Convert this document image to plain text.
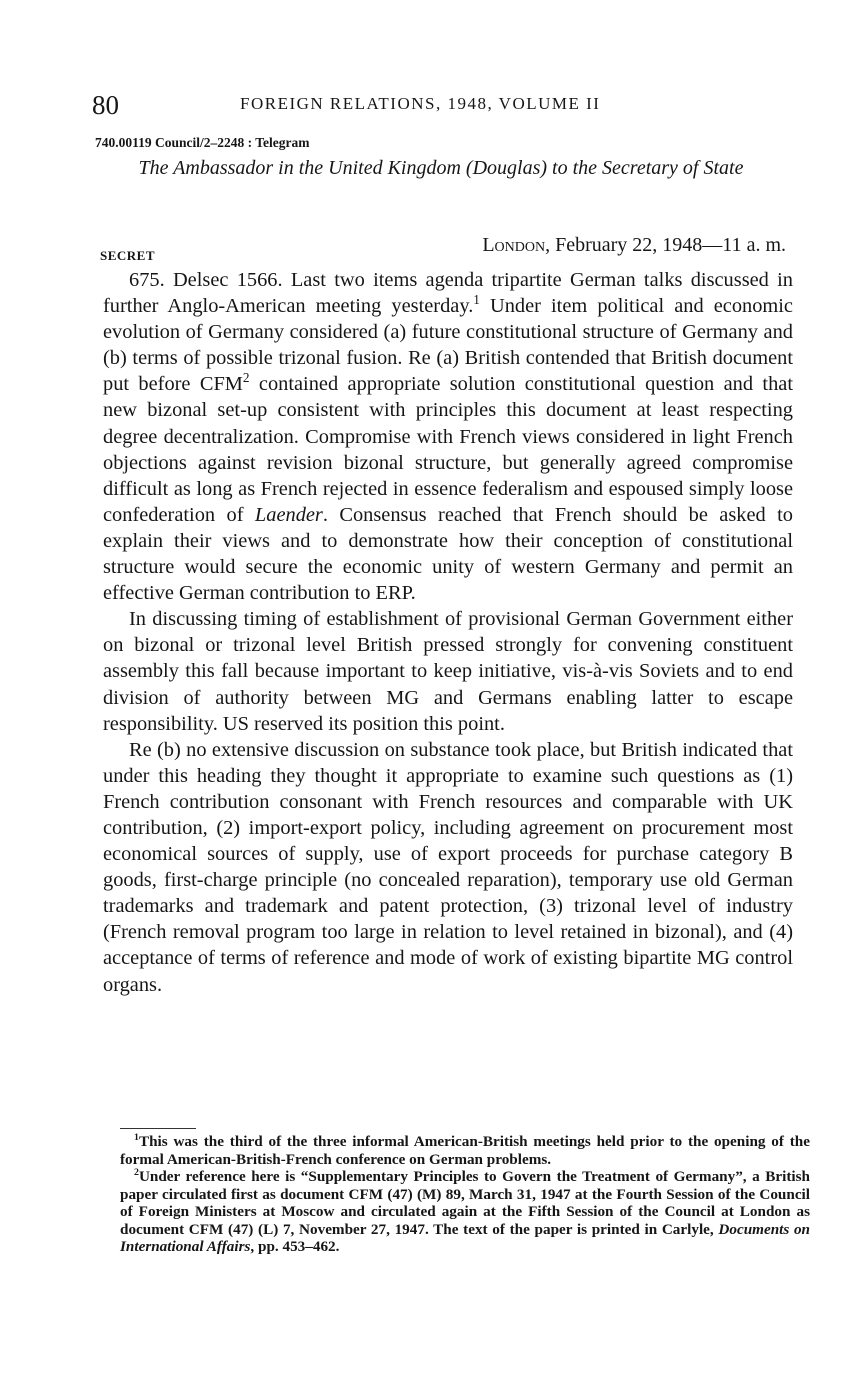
80	FOREIGN RELATIONS, 1948, VOLUME II
740.00119 Council/2–2248 : Telegram
The Ambassador in the United Kingdom (Douglas) to the Secretary of State
SECRET	London, February 22, 1948—11 a. m.

675. Delsec 1566. Last two items agenda tripartite German talks discussed in further Anglo-American meeting yesterday.$^1$ Under item political and economic evolution of Germany considered (a) future constitutional structure of Germany and (b) terms of possible trizonal fusion. Re (a) British contended that British document put before CFM$^2$ contained appropriate solution constitutional question and that new bizonal set-up consistent with principles this document at least respecting degree decentralization. Compromise with French views considered in light French objections against revision bizonal structure, but generally agreed compromise difficult as long as French rejected in essence federalism and espoused simply loose confederation of Laender. Consensus reached that French should be asked to explain their views and to demonstrate how their conception of constitutional structure would secure the economic unity of western Germany and permit an effective German contribution to ERP.

In discussing timing of establishment of provisional German Government either on bizonal or trizonal level British pressed strongly for convening constituent assembly this fall because important to keep initiative, vis-à-vis Soviets and to end division of authority between MG and Germans enabling latter to escape responsibility. US reserved its position this point.

Re (b) no extensive discussion on substance took place, but British indicated that under this heading they thought it appropriate to examine such questions as (1) French contribution consonant with French resources and comparable with UK contribution, (2) import-export policy, including agreement on procurement most economical sources of supply, use of export proceeds for purchase category B goods, first-charge principle (no concealed reparation), temporary use old German trademarks and trademark and patent protection, (3) trizonal level of industry (French removal program too large in relation to level retained in bizonal), and (4) acceptance of terms of reference and mode of work of existing bipartite MG control organs.

$^1$This was the third of the three informal American-British meetings held prior to the opening of the formal American-British-French conference on German problems.

$^2$Under reference here is “Supplementary Principles to Govern the Treatment of Germany”, a British paper circulated first as document CFM (47) (M) 89, March 31, 1947 at the Fourth Session of the Council of Foreign Ministers at Moscow and circulated again at the Fifth Session of the Council at London as document CFM (47) (L) 7, November 27, 1947. The text of the paper is printed in Carlyle, Documents on International Affairs, pp. 453–462.
